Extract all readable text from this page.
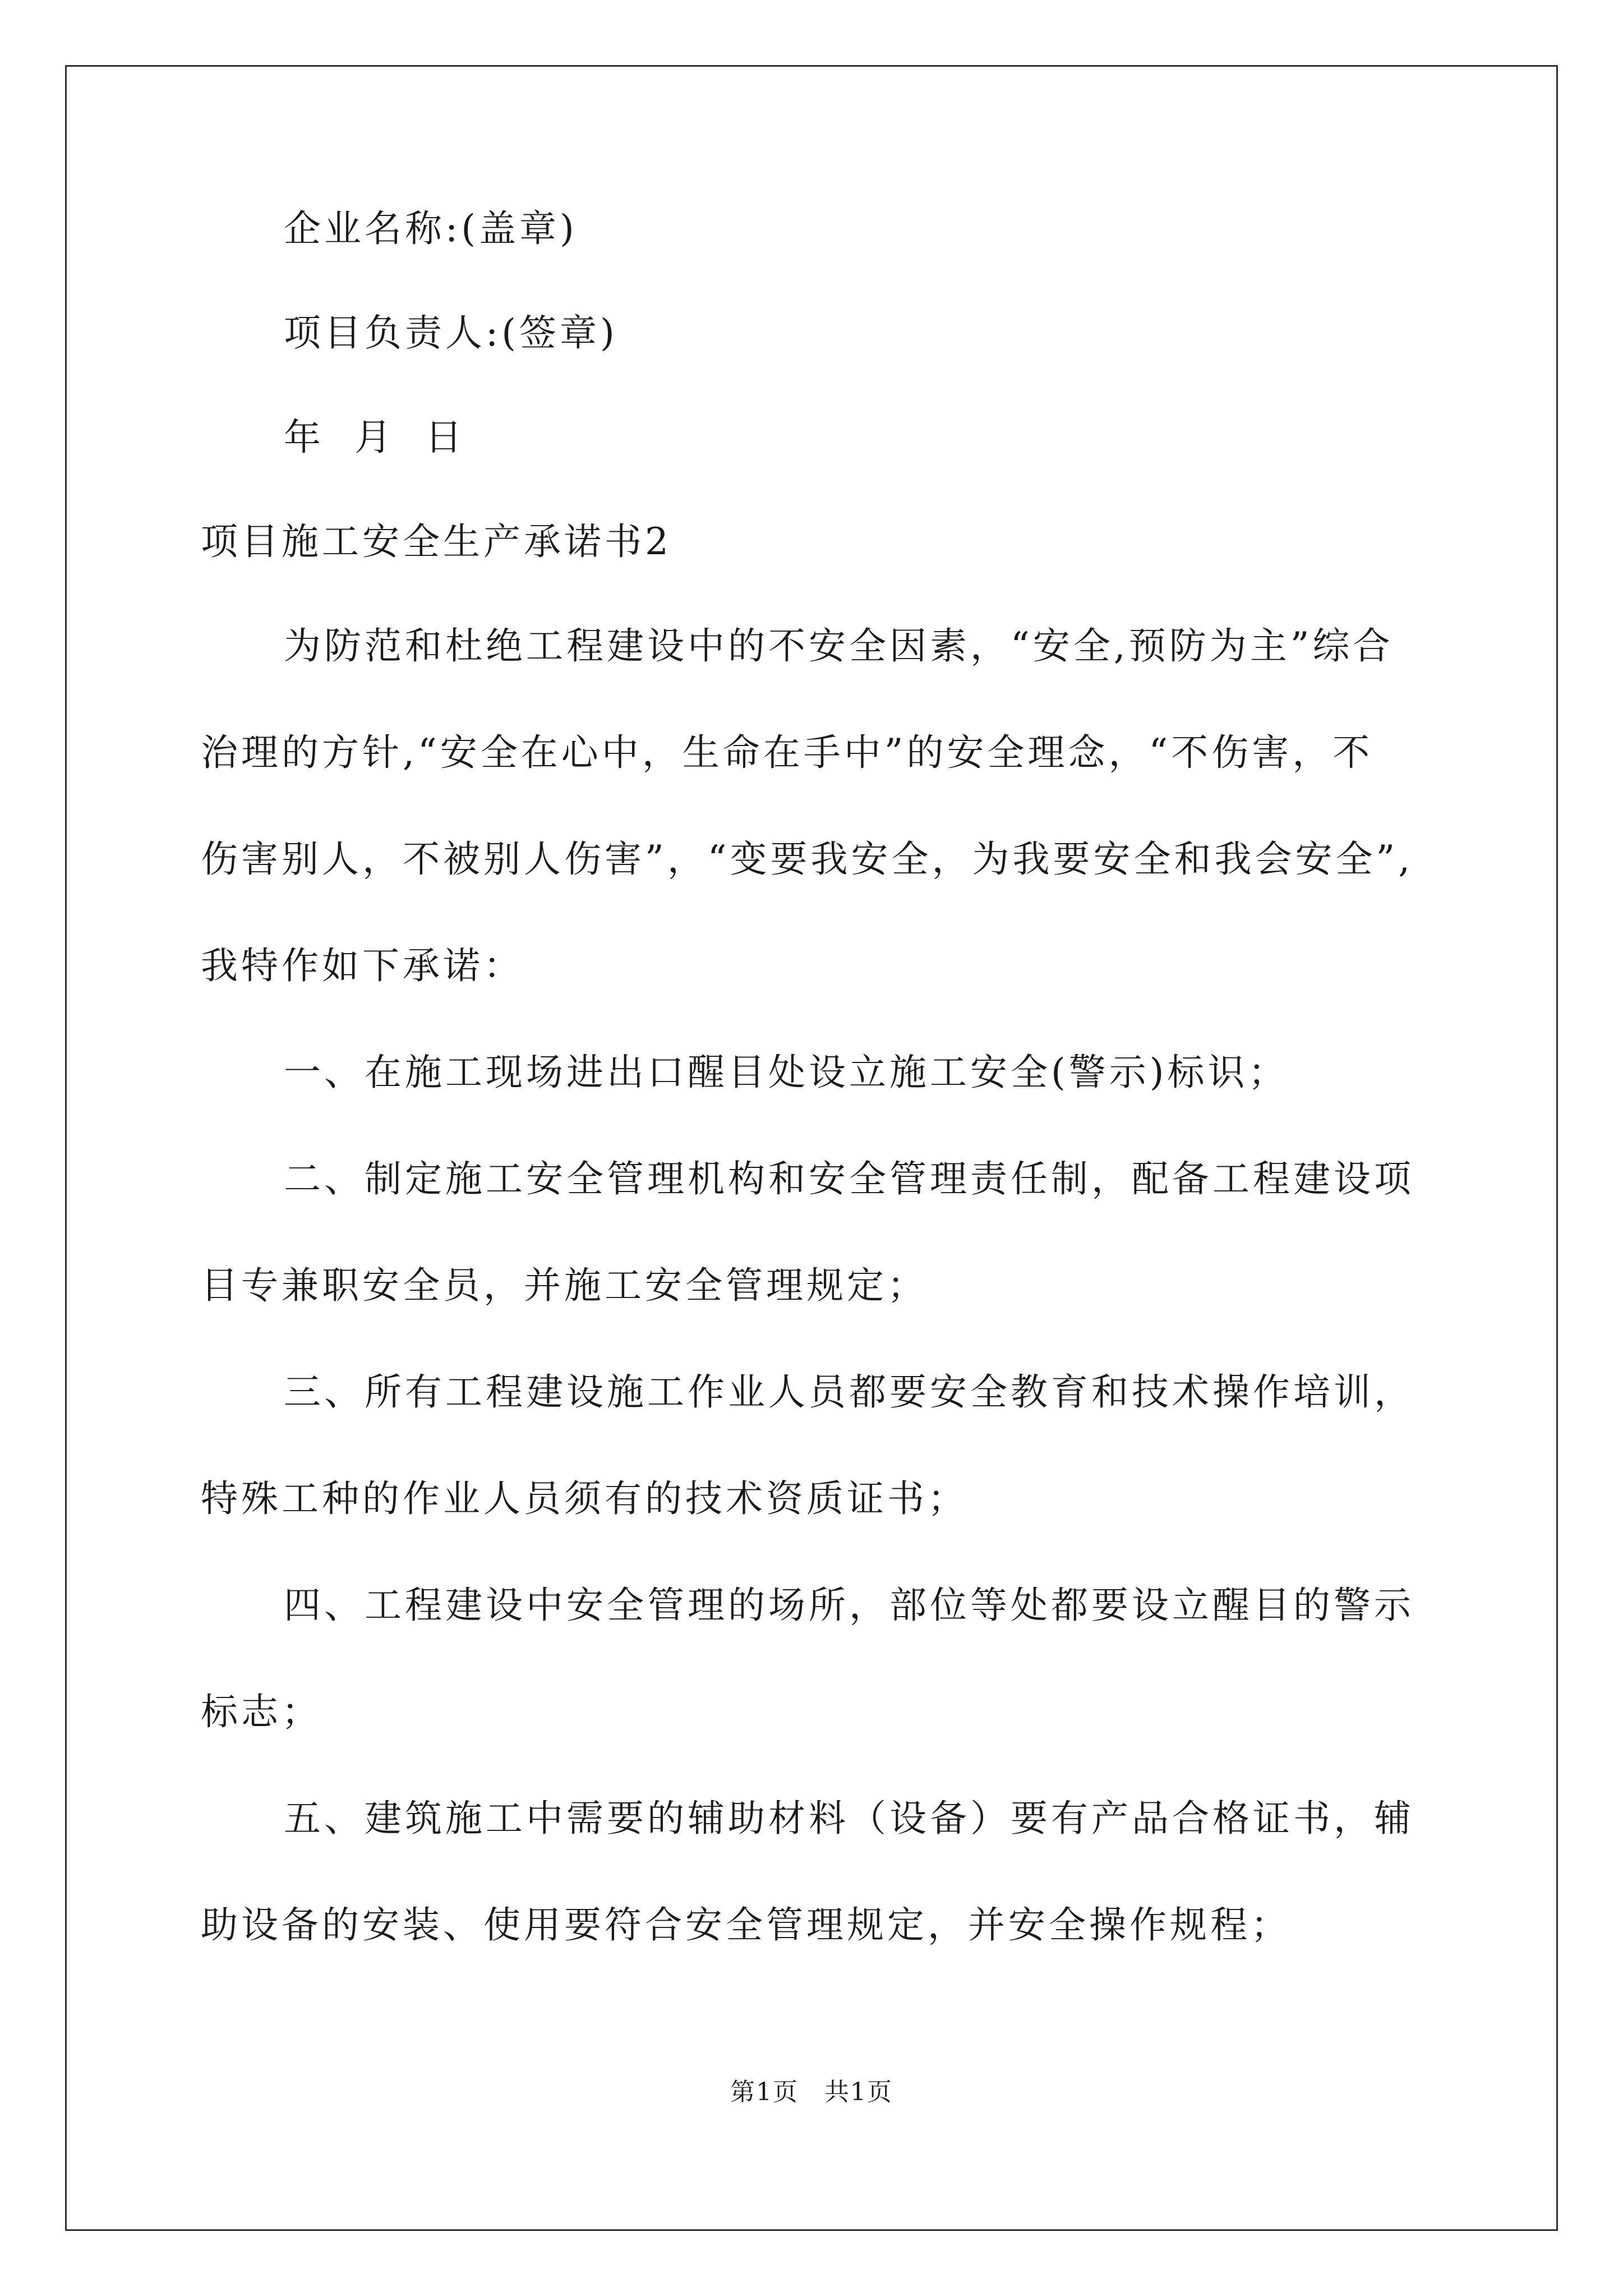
企业名称:(盖章)

项目负责人:(签章)

年  月  日

项目施工安全生产承诺书2

为防范和杜绝工程建设中的不安全因素，“安全,预防为主”综合

治理的方针,“安全在心中，生命在手中”的安全理念，“不伤害，不

伤害别人，不被别人伤害”，“变要我安全，为我要安全和我会安全”,

我特作如下承诺：

一、在施工现场进出口醒目处设立施工安全(警示)标识；

二、制定施工安全管理机构和安全管理责任制，配备工程建设项

目专兼职安全员，并施工安全管理规定；

三、所有工程建设施工作业人员都要安全教育和技术操作培训，

特殊工种的作业人员须有的技术资质证书；

四、工程建设中安全管理的场所，部位等处都要设立醒目的警示

标志；

五、建筑施工中需要的辅助材料（设备）要有产品合格证书，辅

助设备的安装、使用要符合安全管理规定，并安全操作规程；

第1页　共1页
